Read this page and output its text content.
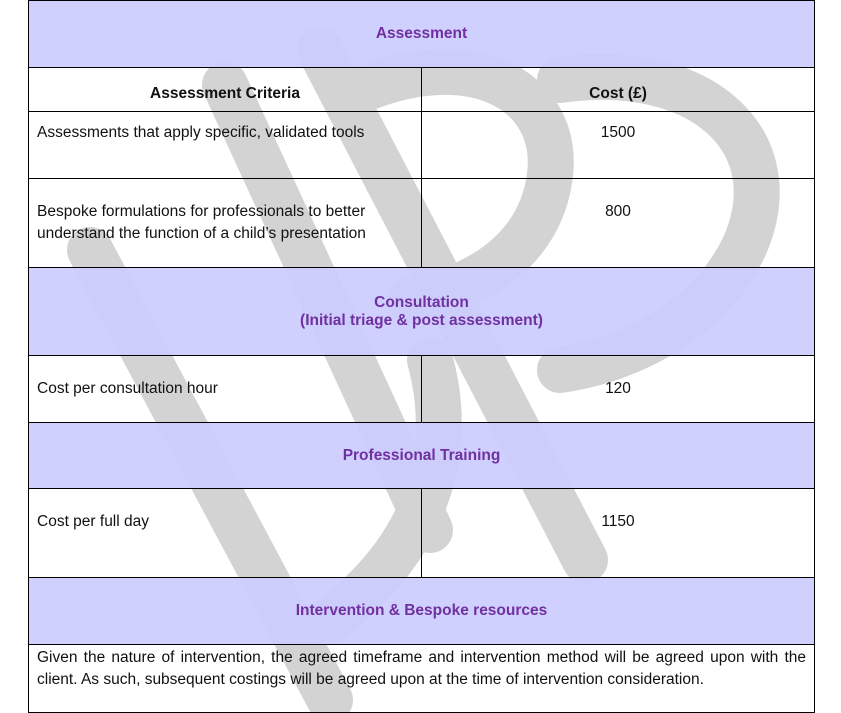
Assessment	
Assessment Criteria	Cost (£)
Assessments that apply specific, validated tools	1500
Bespoke formulations for professionals to better understand the function of a child’s presentation	800

Consultation
(Initial triage & post assessment)	

Cost per consultation hour	120
Professional Training	
Cost per full day	1150
Intervention & Bespoke resources	
Given the nature of intervention, the agreed timeframe and intervention method will be agreed upon with the client. As such, subsequent costings will be agreed upon at the time of intervention consideration.	
